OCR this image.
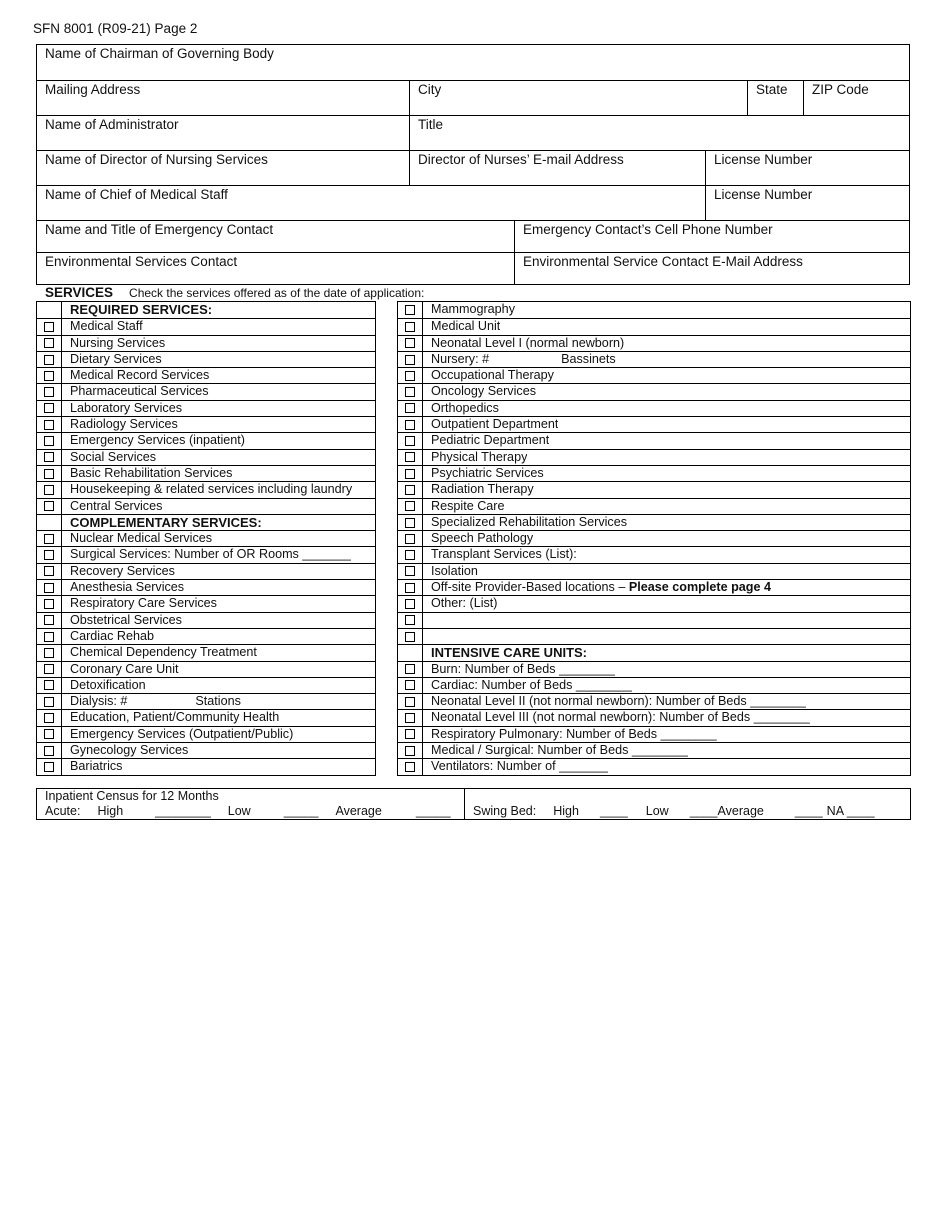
SFN 8001 (R09-21) Page 2
Name of Chairman of Governing Body
Mailing Address	City	State	ZIP Code
Name of Administrator	Title
Name of Director of Nursing Services	Director of Nurses’ E-mail Address	License Number
Name of Chief of Medical Staff	License Number
Name and Title of Emergency Contact	Emergency Contact’s Cell Phone Number
Environmental Services Contact	Environmental Service Contact E-Mail Address
SERVICES Check the services offered as of the date of application:
REQUIRED SERVICES:
Medical Staff
Nursing Services
Dietary Services
Medical Record Services
Pharmaceutical Services
Laboratory Services
Radiology Services
Emergency Services (inpatient)
Social Services
Basic Rehabilitation Services
Housekeeping & related services including laundry
Central Services
COMPLEMENTARY SERVICES:
Nuclear Medical Services
Surgical Services: Number of OR Rooms _______
Recovery Services
Anesthesia Services
Respiratory Care Services
Obstetrical Services
Cardiac Rehab
Chemical Dependency Treatment
Coronary Care Unit
Detoxification
Dialysis: #	Stations
Education, Patient/Community Health
Emergency Services (Outpatient/Public)
Gynecology Services
Bariatrics
Mammography
Medical Unit
Neonatal Level I (normal newborn)
Nursery: #	Bassinets
Occupational Therapy
Oncology Services
Orthopedics
Outpatient Department
Pediatric Department
Physical Therapy
Psychiatric Services
Radiation Therapy
Respite Care
Specialized Rehabilitation Services
Speech Pathology
Transplant Services (List):
Isolation
Off-site Provider-Based locations – Please complete page 4
Other: (List)
INTENSIVE CARE UNITS:
Burn: Number of Beds ________
Cardiac: Number of Beds ________
Neonatal Level II (not normal newborn): Number of Beds ________
Neonatal Level III (not normal newborn): Number of Beds ________
Respiratory Pulmonary: Number of Beds ________
Medical / Surgical: Number of Beds ________
Ventilators: Number of _______
Inpatient Census for 12 Months
Acute: High	________ Low	_____ Average	_____	Swing Bed: High ____ Low ____Average ____ NA ____
